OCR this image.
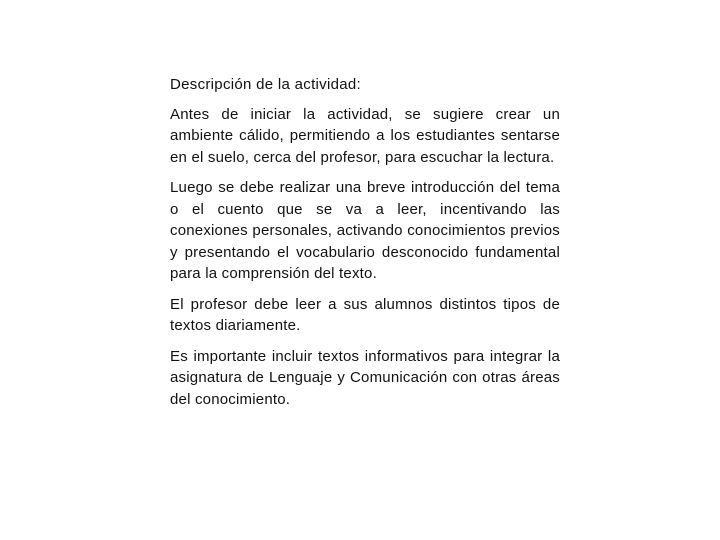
Descripción de la actividad:

Antes de iniciar la actividad, se sugiere crear un ambiente cálido, permitiendo a los estudiantes sentarse en el suelo, cerca del profesor, para escuchar la lectura.

Luego se debe realizar una breve introducción del tema o el cuento que se va a leer, incentivando las conexiones personales, activando conocimientos previos y presentando el vocabulario desconocido fundamental para la comprensión del texto.

El profesor debe leer a sus alumnos distintos tipos de textos diariamente.

Es importante incluir textos informativos para integrar la asignatura de Lenguaje y Comunicación con otras áreas del conocimiento.
